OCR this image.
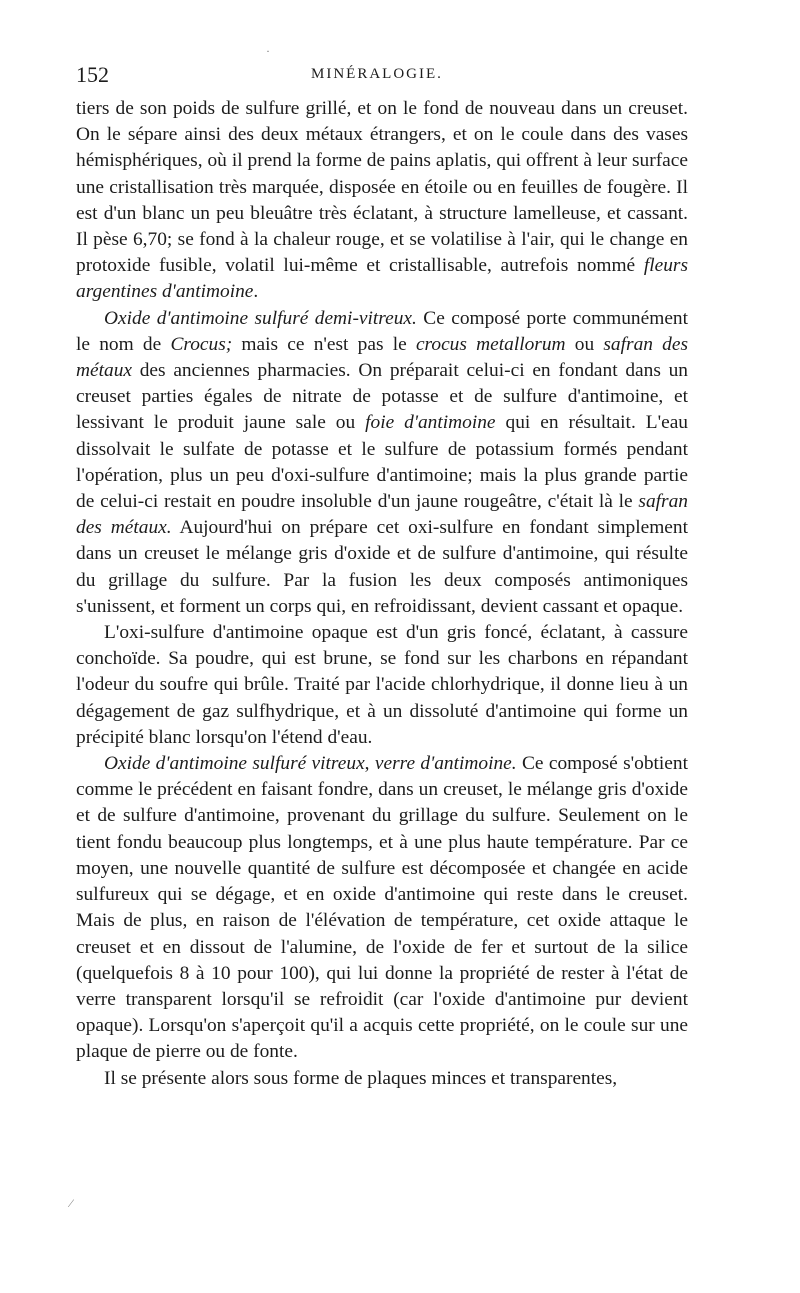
152	MINÉRALOGIE.

tiers de son poids de sulfure grillé, et on le fond de nouveau dans un creuset. On le sépare ainsi des deux métaux étrangers, et on le coule dans des vases hémisphériques, où il prend la forme de pains aplatis, qui offrent à leur surface une cristallisation très marquée, disposée en étoile ou en feuilles de fougère. Il est d'un blanc un peu bleuâtre très éclatant, à structure lamelleuse, et cassant. Il pèse 6,70; se fond à la chaleur rouge, et se volatilise à l'air, qui le change en protoxide fusible, volatil lui-même et cristallisable, autrefois nommé fleurs argentines d'antimoine.

Oxide d'antimoine sulfuré demi-vitreux. Ce composé porte communément le nom de Crocus; mais ce n'est pas le crocus metallorum ou safran des métaux des anciennes pharmacies. On préparait celui-ci en fondant dans un creuset parties égales de nitrate de potasse et de sulfure d'antimoine, et lessivant le produit jaune sale ou foie d'antimoine qui en résultait. L'eau dissolvait le sulfate de potasse et le sulfure de potassium formés pendant l'opération, plus un peu d'oxi-sulfure d'antimoine; mais la plus grande partie de celui-ci restait en poudre insoluble d'un jaune rougeâtre, c'était là le safran des métaux. Aujourd'hui on prépare cet oxi-sulfure en fondant simplement dans un creuset le mélange gris d'oxide et de sulfure d'antimoine, qui résulte du grillage du sulfure. Par la fusion les deux composés antimoniques s'unissent, et forment un corps qui, en refroidissant, devient cassant et opaque.

L'oxi-sulfure d'antimoine opaque est d'un gris foncé, éclatant, à cassure conchoïde. Sa poudre, qui est brune, se fond sur les charbons en répandant l'odeur du soufre qui brûle. Traité par l'acide chlorhydrique, il donne lieu à un dégagement de gaz sulfhydrique, et à un dissoluté d'antimoine qui forme un précipité blanc lorsqu'on l'étend d'eau.

Oxide d'antimoine sulfuré vitreux, verre d'antimoine. Ce composé s'obtient comme le précédent en faisant fondre, dans un creuset, le mélange gris d'oxide et de sulfure d'antimoine, provenant du grillage du sulfure. Seulement on le tient fondu beaucoup plus longtemps, et à une plus haute température. Par ce moyen, une nouvelle quantité de sulfure est décomposée et changée en acide sulfureux qui se dégage, et en oxide d'antimoine qui reste dans le creuset. Mais de plus, en raison de l'élévation de température, cet oxide attaque le creuset et en dissout de l'alumine, de l'oxide de fer et surtout de la silice (quelquefois 8 à 10 pour 100), qui lui donne la propriété de rester à l'état de verre transparent lorsqu'il se refroidit (car l'oxide d'antimoine pur devient opaque). Lorsqu'on s'aperçoit qu'il a acquis cette propriété, on le coule sur une plaque de pierre ou de fonte.

Il se présente alors sous forme de plaques minces et transparentes,

·
⁄
